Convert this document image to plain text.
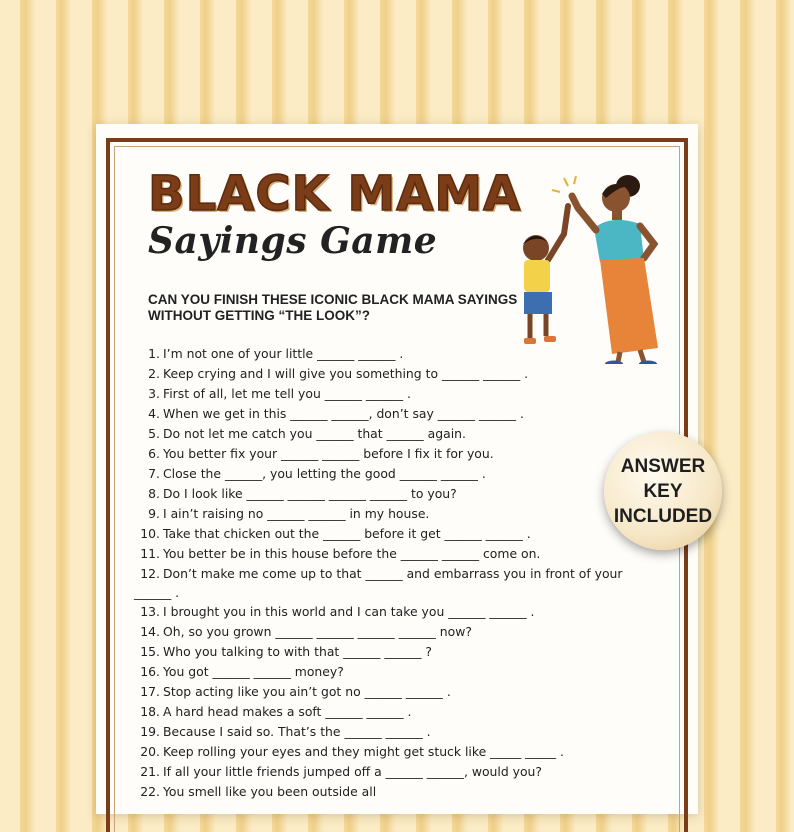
BLACK MAMA
Sayings Game

CAN YOU FINISH THESE ICONIC BLACK MAMA SAYINGS WITHOUT GETTING “THE LOOK”?

1. I’m not one of your little ______ ______ .
2. Keep crying and I will give you something to ______ ______ .
3. First of all, let me tell you ______ ______ .
4. When we get in this ______ ______, don’t say ______ ______ .
5. Do not let me catch you ______ that ______ again.
6. You better fix your ______ ______ before I fix it for you.
7. Close the ______, you letting the good ______ ______ .
8. Do I look like ______ ______ ______ ______ to you?
9. I ain’t raising no ______ ______ in my house.
10. Take that chicken out the ______ before it get ______ ______ .
11. You better be in this house before the ______ ______ come on.
12. Don’t make me come up to that ______ and embarrass you in front of your ______ .
13. I brought you in this world and I can take you ______ ______ .
14. Oh, so you grown ______ ______ ______ ______ now?
15. Who you talking to with that ______ ______ ?
16. You got ______ ______ money?
17. Stop acting like you ain’t got no ______ ______ .
18. A hard head makes a soft ______ ______ .
19. Because I said so. That’s the ______ ______ .
20. Keep rolling your eyes and they might get stuck like _____ _____ .
21. If all your little friends jumped off a ______ ______, would you?
22. You smell like you been outside all
ANSWER
KEY
INCLUDED
